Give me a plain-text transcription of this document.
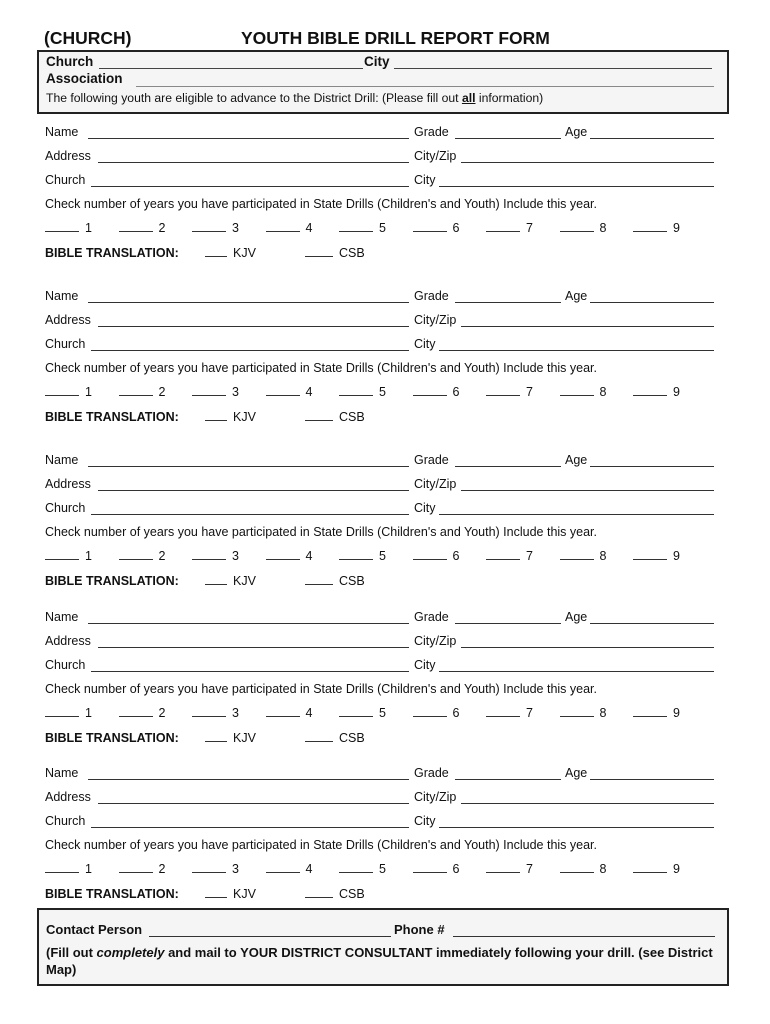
(CHURCH)	YOUTH BIBLE DRILL REPORT FORM
Church	City
Association
The following youth are eligible to advance to the District Drill: (Please fill out all information)
Name	Grade	Age
Address	City/Zip
Church	City
Check number of years you have participated in State Drills (Children's and Youth) Include this year.
1	2	3	4	5	6	7	8	9
BIBLE TRANSLATION:	KJV	CSB
Name	Grade	Age
Address	City/Zip
Church	City
Check number of years you have participated in State Drills (Children's and Youth) Include this year.
1	2	3	4	5	6	7	8	9
BIBLE TRANSLATION:	KJV	CSB
Name	Grade	Age
Address	City/Zip
Church	City
Check number of years you have participated in State Drills (Children's and Youth) Include this year.
1	2	3	4	5	6	7	8	9
BIBLE TRANSLATION:	KJV	CSB
Name	Grade	Age
Address	City/Zip
Church	City
Check number of years you have participated in State Drills (Children's and Youth) Include this year.
1	2	3	4	5	6	7	8	9
BIBLE TRANSLATION:	KJV	CSB
Name	Grade	Age
Address	City/Zip
Church	City
Check number of years you have participated in State Drills (Children's and Youth) Include this year.
1	2	3	4	5	6	7	8	9
BIBLE TRANSLATION:	KJV	CSB
Contact Person	Phone #
(Fill out completely and mail to YOUR DISTRICT CONSULTANT immediately following your drill. (see District Map)
